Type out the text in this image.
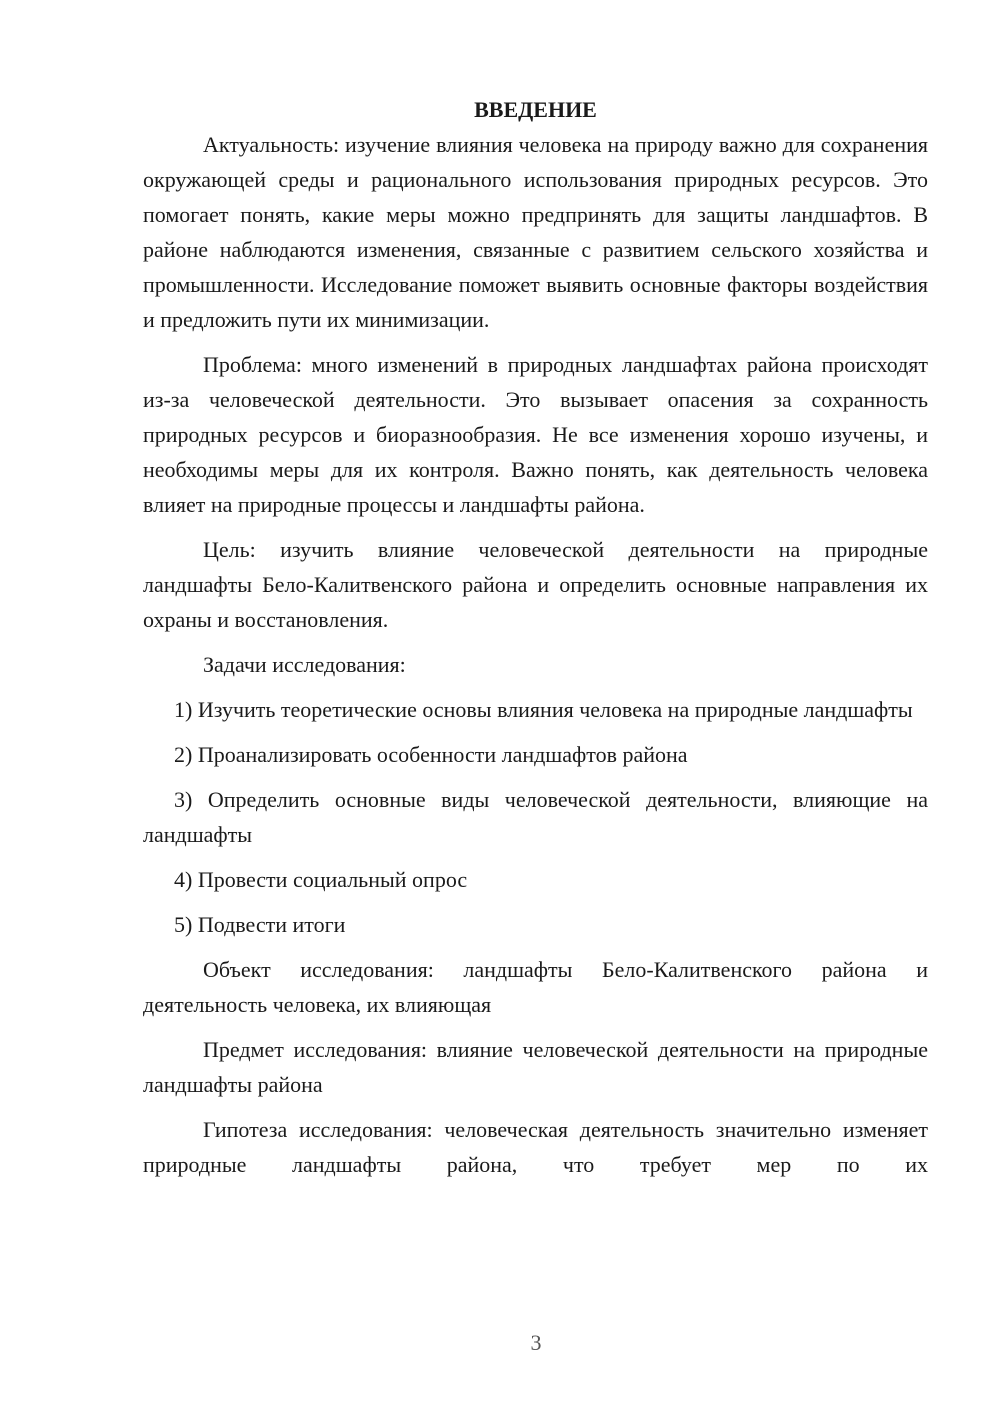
ВВЕДЕНИЕ

Актуальность: изучение влияния человека на природу важно для сохранения окружающей среды и рационального использования природных ресурсов. Это помогает понять, какие меры можно предпринять для защиты ландшафтов. В районе наблюдаются изменения, связанные с развитием сельского хозяйства и промышленности. Исследование поможет выявить основные факторы воздействия и предложить пути их минимизации.

Проблема: много изменений в природных ландшафтах района происходят из-за человеческой деятельности. Это вызывает опасения за сохранность природных ресурсов и биоразнообразия. Не все изменения хорошо изучены, и необходимы меры для их контроля. Важно понять, как деятельность человека влияет на природные процессы и ландшафты района.

Цель: изучить влияние человеческой деятельности на природные ландшафты Бело-Калитвенского района и определить основные направления их охраны и восстановления.

Задачи исследования:

1) Изучить теоретические основы влияния человека на природные ландшафты

2) Проанализировать особенности ландшафтов района

3) Определить основные виды человеческой деятельности, влияющие на ландшафты

4) Провести социальный опрос

5) Подвести итоги

Объект исследования: ландшафты Бело-Калитвенского района и деятельность человека, их влияющая

Предмет исследования: влияние человеческой деятельности на природные ландшафты района

Гипотеза исследования: человеческая деятельность значительно изменяет природные ландшафты района, что требует мер по их

3
